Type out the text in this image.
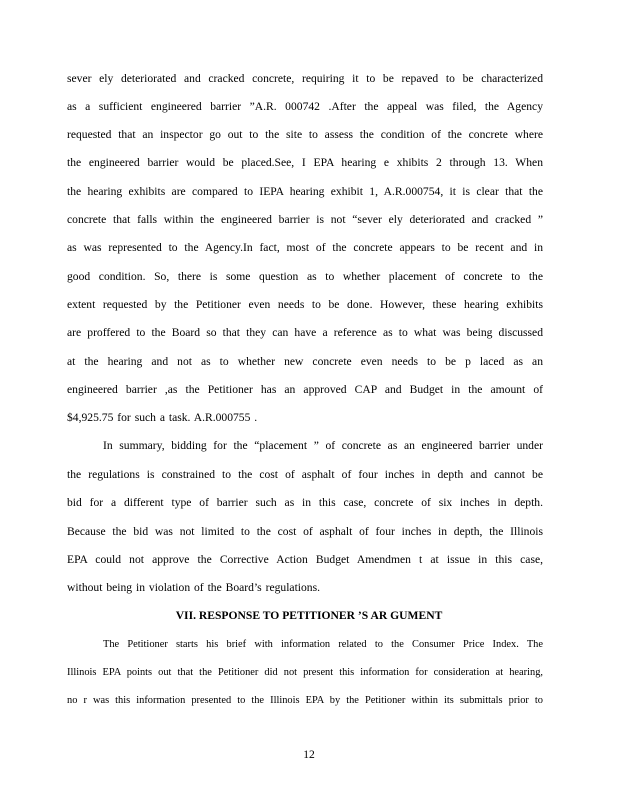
sever ely deteriorated and cracked concrete, requiring it to be repaved to be characterized
as a sufficient engineered barrier ”A.R. 000742 .After the appeal was filed, the Agency
requested that an inspector go out to the site to assess the condition of the concrete where
the engineered barrier would be placed.See, I EPA hearing e xhibits 2 through 13. When
the hearing exhibits are compared to IEPA hearing exhibit 1, A.R.000754, it is clear that the
concrete that falls within the engineered barrier is not “sever ely deteriorated and cracked ”
as was represented to the Agency.In fact, most of the concrete appears to be recent and in
good condition. So, there is some question as to whether placement of concrete to the
extent requested by the Petitioner even needs to be done. However, these hearing exhibits
are proffered to the Board so that they can have a reference as to what was being discussed
at the hearing and not as to whether new concrete even needs to be p laced as an
engineered barrier ,as the Petitioner has an approved CAP and Budget in the amount of
$4,925.75 for such a task. A.R.000755 .
In summary, bidding for the “placement ” of concrete as an engineered barrier under
the regulations is constrained to the cost of asphalt of four inches in depth and cannot be
bid for a different type of barrier such as in this case, concrete of six inches in depth.
Because the bid was not limited to the cost of asphalt of four inches in depth, the Illinois
EPA could not approve the Corrective Action Budget Amendmen t at issue in this case,
without being in violation of the Board’s regulations.
VII. RESPONSE TO PETITIONER ’S AR GUMENT
The Petitioner starts his brief with information related to the Consumer Price Index. The
Illinois EPA points out that the Petitioner did not present this information for consideration at hearing,
no r was this information presented to the Illinois EPA by the Petitioner within its submittals prior to
12
